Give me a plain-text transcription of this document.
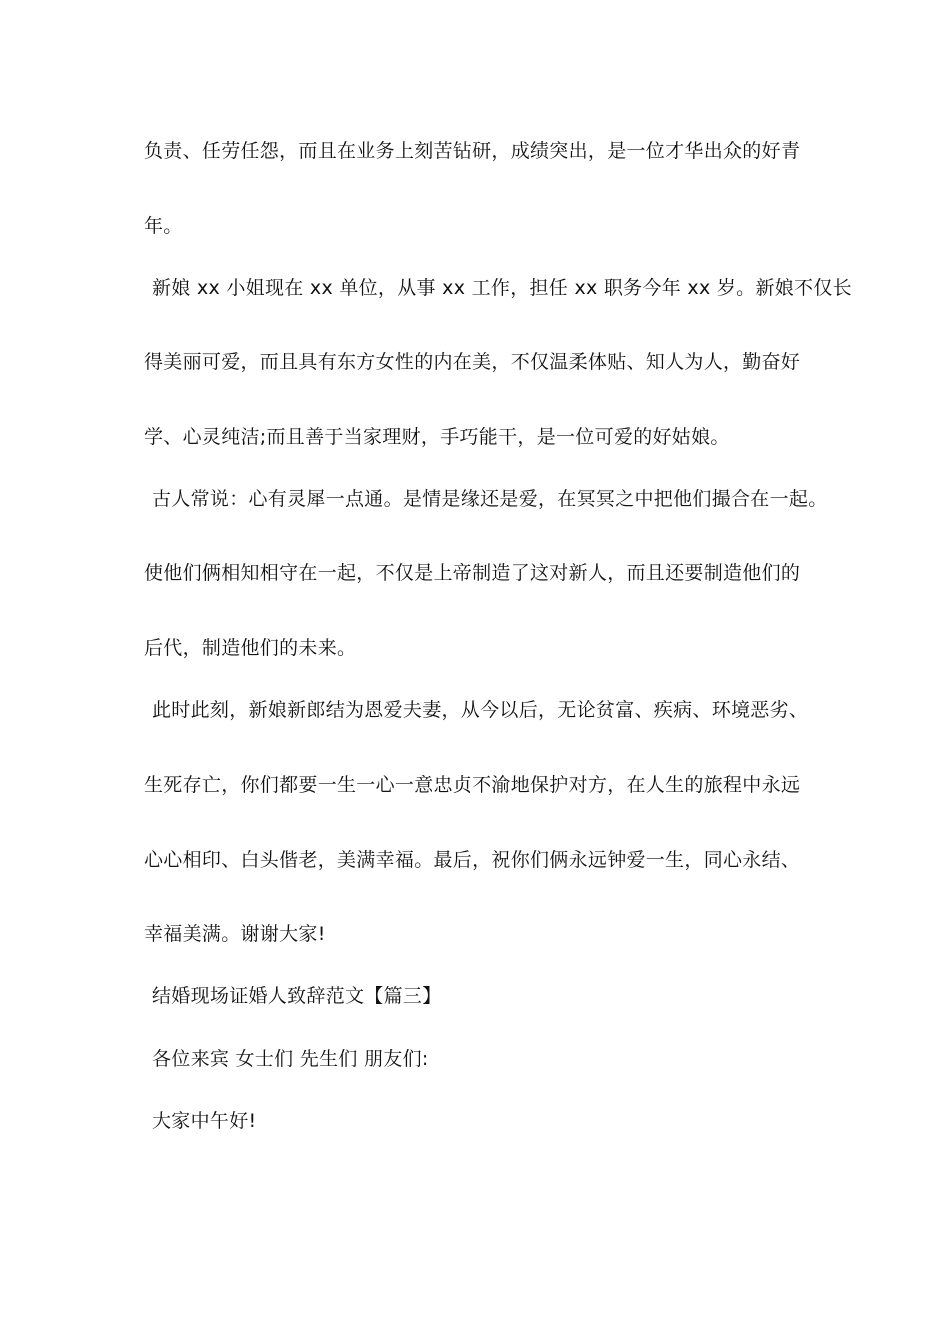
负责、任劳任怨，而且在业务上刻苦钻研，成绩突出，是一位才华出众的好青
年。
新娘 xx 小姐现在 xx 单位，从事 xx 工作，担任 xx 职务今年 xx 岁。新娘不仅长
得美丽可爱，而且具有东方女性的内在美，不仅温柔体贴、知人为人，勤奋好
学、心灵纯洁;而且善于当家理财，手巧能干，是一位可爱的好姑娘。
古人常说：心有灵犀一点通。是情是缘还是爱，在冥冥之中把他们撮合在一起。
使他们俩相知相守在一起，不仅是上帝制造了这对新人，而且还要制造他们的
后代，制造他们的未来。
此时此刻，新娘新郎结为恩爱夫妻，从今以后，无论贫富、疾病、环境恶劣、
生死存亡，你们都要一生一心一意忠贞不渝地保护对方，在人生的旅程中永远
心心相印、白头偕老，美满幸福。最后，祝你们俩永远钟爱一生，同心永结、
幸福美满。谢谢大家!
结婚现场证婚人致辞范文【篇三】
各位来宾 女士们 先生们 朋友们:
大家中午好!
